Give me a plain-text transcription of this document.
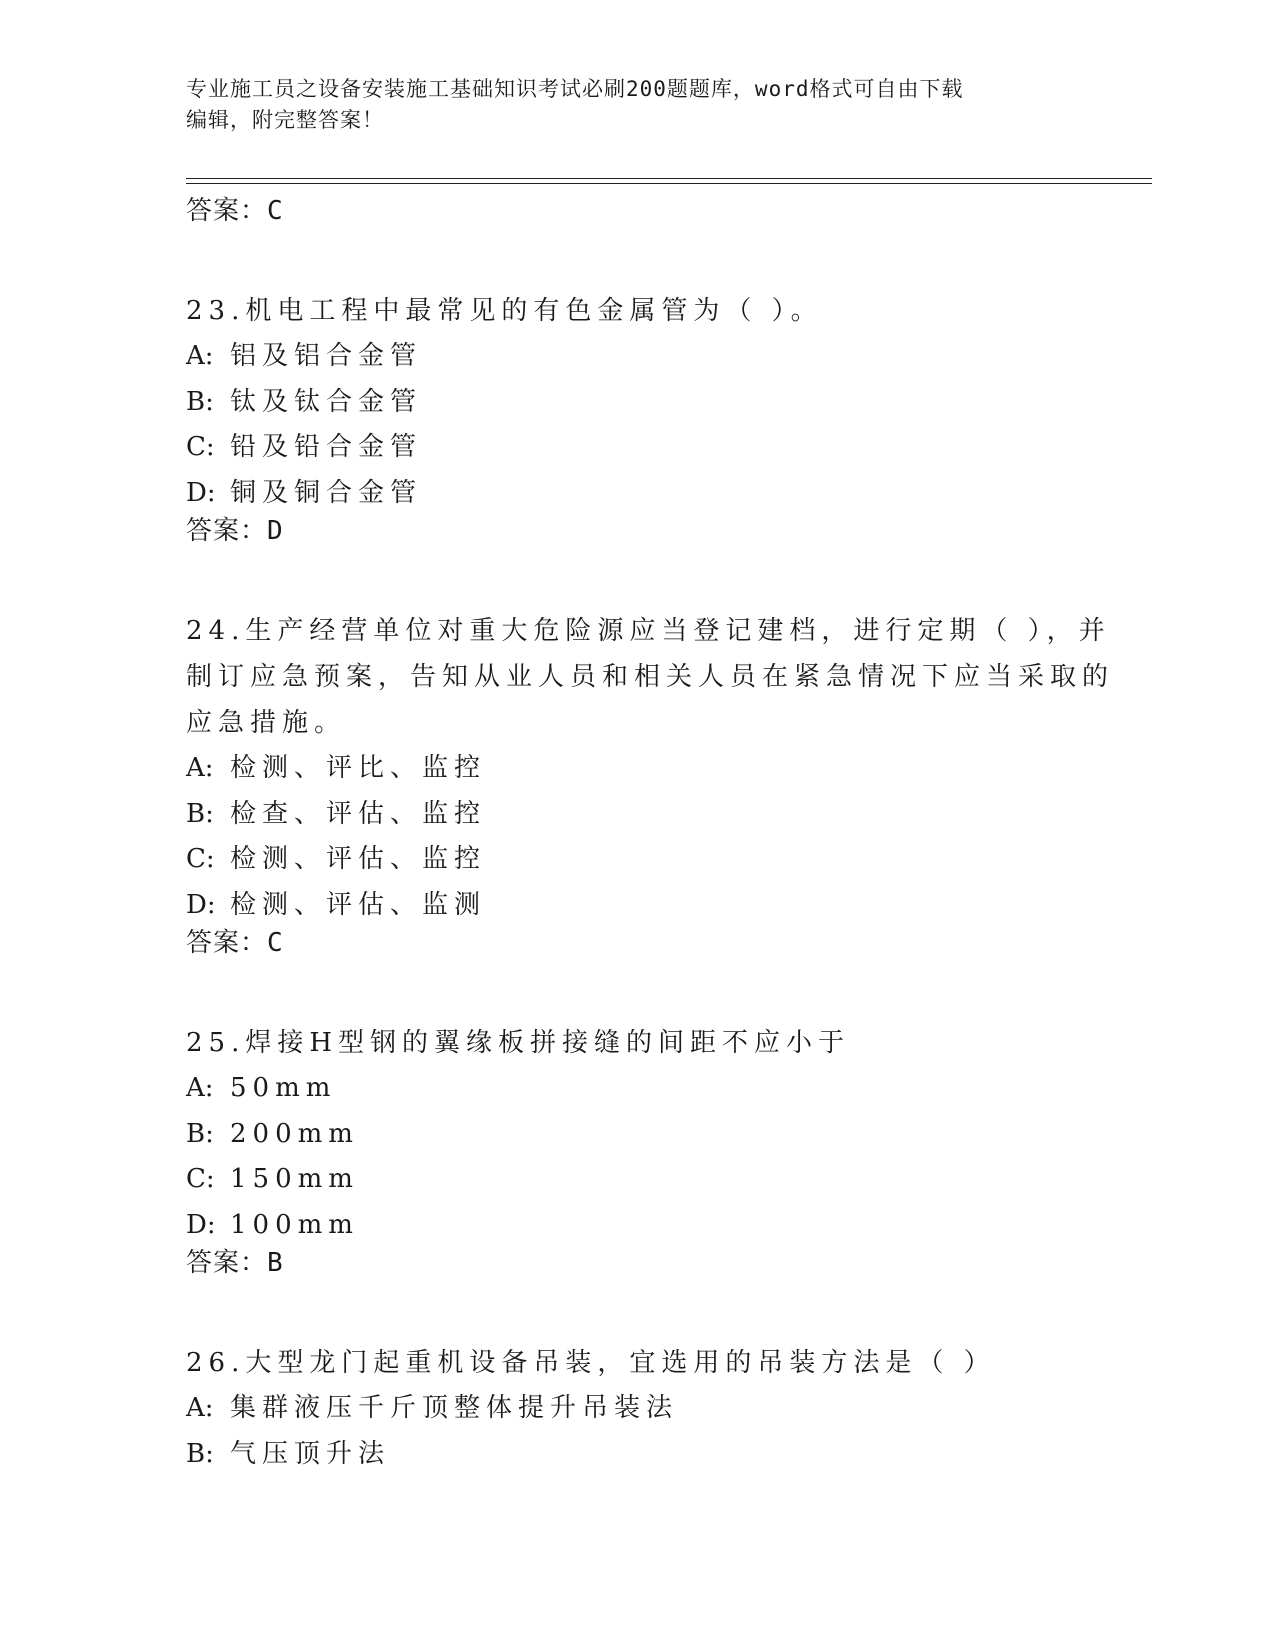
专业施工员之设备安装施工基础知识考试必刷200题题库，word格式可自由下载
编辑，附完整答案！
答案：C
23.机电工程中最常见的有色金属管为（ ）。
A: 铝及铝合金管
B: 钛及钛合金管
C: 铅及铅合金管
D: 铜及铜合金管
答案：D
24.生产经营单位对重大危险源应当登记建档，进行定期（ ），并制订应急预案，告知从业人员和相关人员在紧急情况下应当采取的应急措施。
A: 检测、评比、监控
B: 检查、评估、监控
C: 检测、评估、监控
D: 检测、评估、监测
答案：C
25.焊接H型钢的翼缘板拼接缝的间距不应小于
A: 50mm
B: 200mm
C: 150mm
D: 100mm
答案：B
26.大型龙门起重机设备吊装，宜选用的吊装方法是（ ）
A: 集群液压千斤顶整体提升吊装法
B: 气压顶升法
